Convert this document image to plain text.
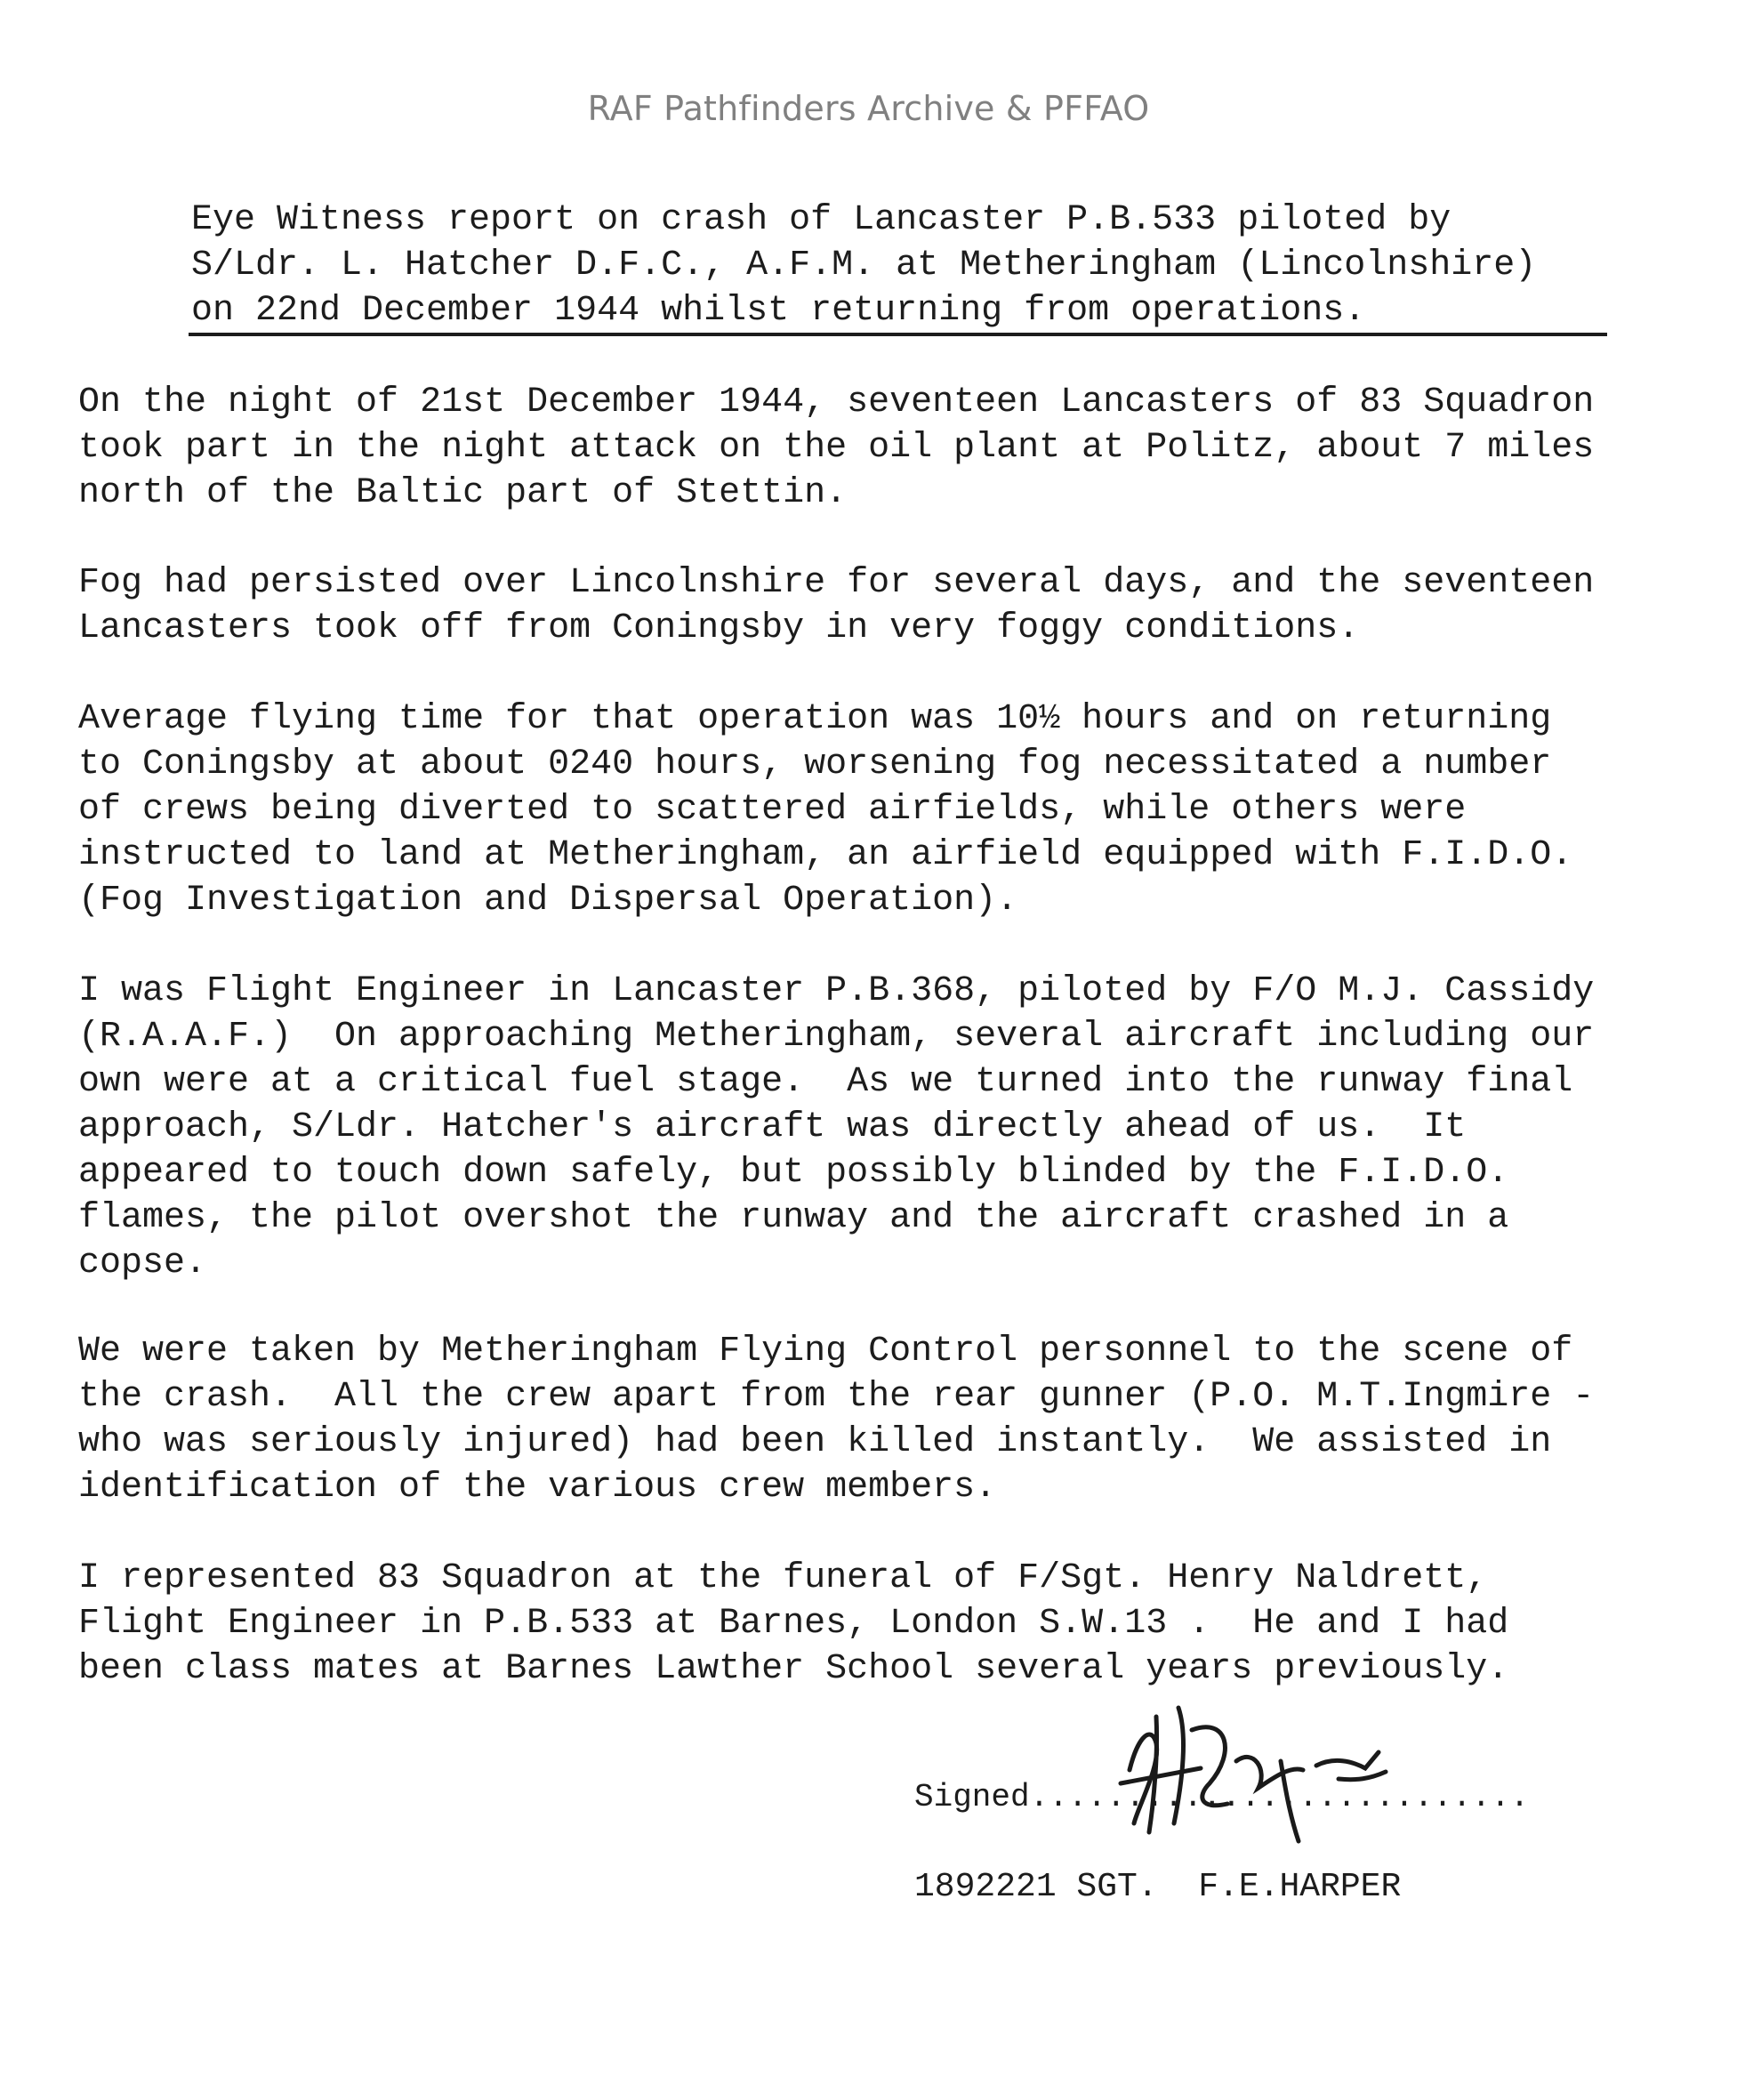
RAF Pathfinders Archive & PFFAO
Eye Witness report on crash of Lancaster P.B.533 piloted by
S/Ldr. L. Hatcher D.F.C., A.F.M. at Metheringham (Lincolnshire)
on 22nd December 1944 whilst returning from operations.
On the night of 21st December 1944, seventeen Lancasters of 83 Squadron
took part in the night attack on the oil plant at Politz, about 7 miles
north of the Baltic part of Stettin.
Fog had persisted over Lincolnshire for several days, and the seventeen
Lancasters took off from Coningsby in very foggy conditions.
Average flying time for that operation was 10½ hours and on returning
to Coningsby at about 0240 hours, worsening fog necessitated a number
of crews being diverted to scattered airfields, while others were
instructed to land at Metheringham, an airfield equipped with F.I.D.O.
(Fog Investigation and Dispersal Operation).
I was Flight Engineer in Lancaster P.B.368, piloted by F/O M.J. Cassidy
(R.A.A.F.)  On approaching Metheringham, several aircraft including our
own were at a critical fuel stage.  As we turned into the runway final
approach, S/Ldr. Hatcher's aircraft was directly ahead of us.  It
appeared to touch down safely, but possibly blinded by the F.I.D.O.
flames, the pilot overshot the runway and the aircraft crashed in a
copse.
We were taken by Metheringham Flying Control personnel to the scene of
the crash.  All the crew apart from the rear gunner (P.O. M.T.Ingmire -
who was seriously injured) had been killed instantly.  We assisted in
identification of the various crew members.
I represented 83 Squadron at the funeral of F/Sgt. Henry Naldrett,
Flight Engineer in P.B.533 at Barnes, London S.W.13 .  He and I had
been class mates at Barnes Lawther School several years previously.
Signed..........................
1892221 SGT.  F.E.HARPER
